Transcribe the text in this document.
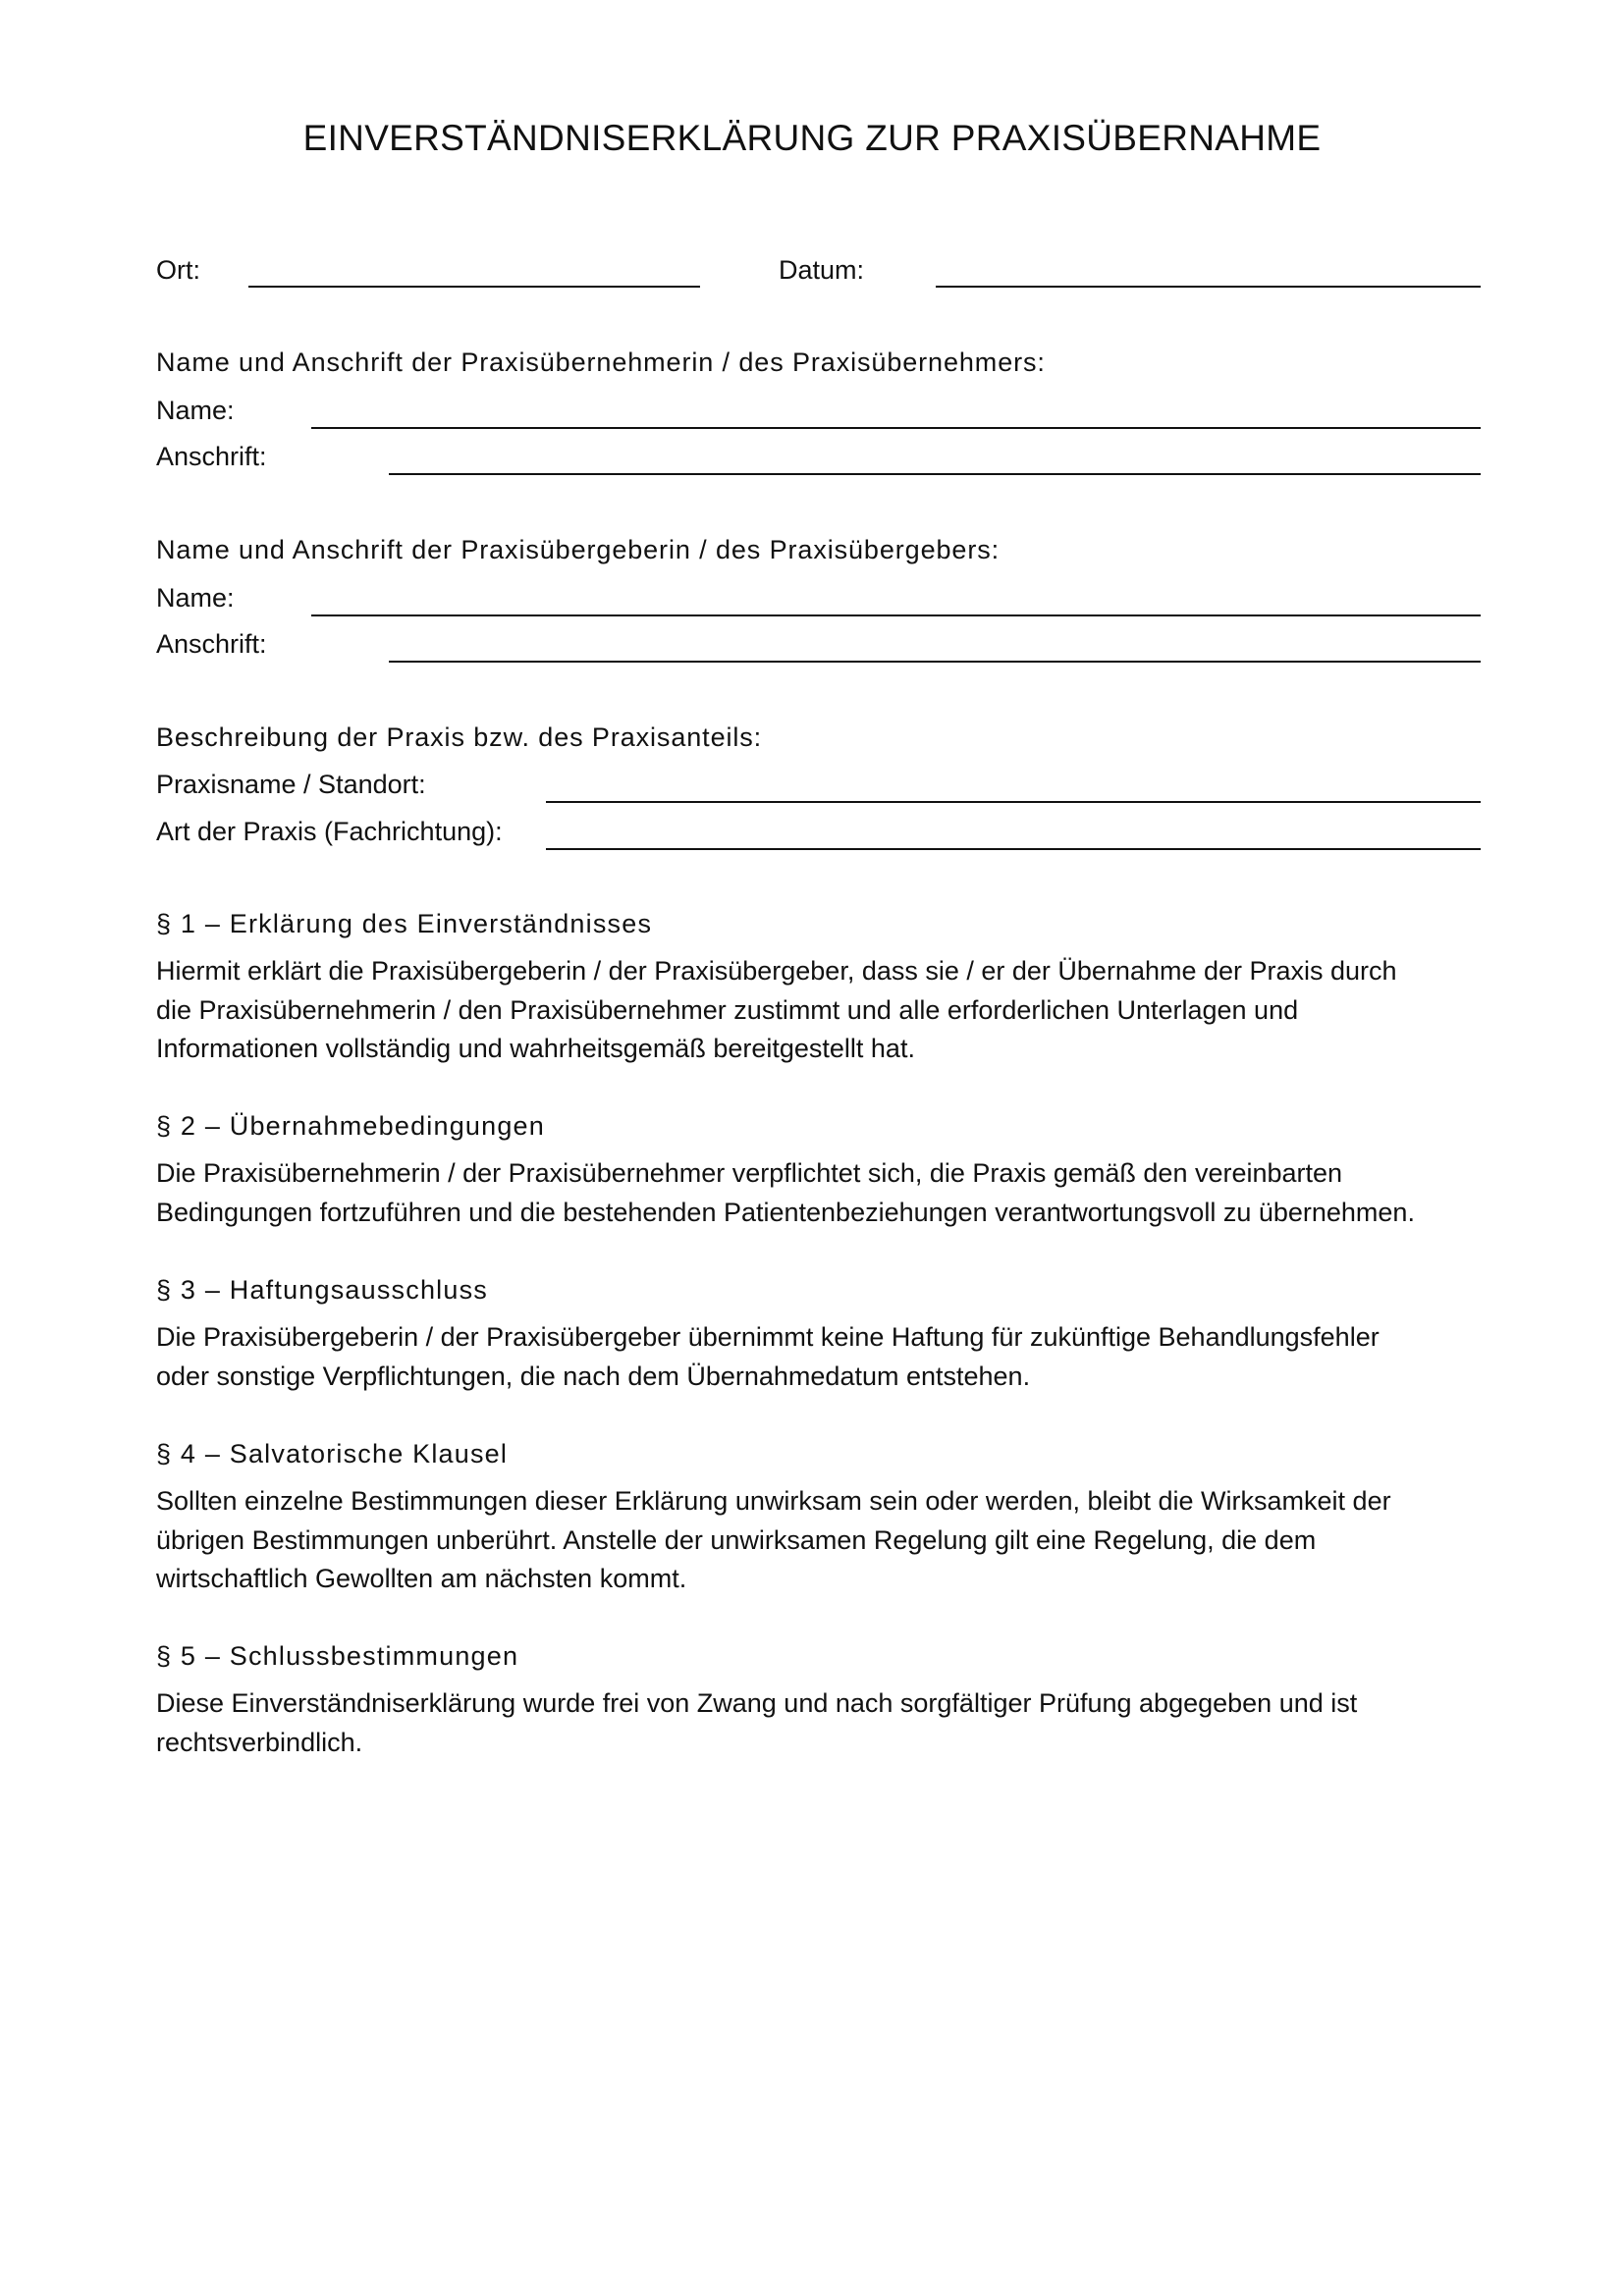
EINVERSTÄNDNISERKLÄRUNG ZUR PRAXISÜBERNAHME
Ort:	Datum:
Name und Anschrift der Praxisübernehmerin / des Praxisübernehmers:
Name:
Anschrift:
Name und Anschrift der Praxisübergeberin / des Praxisübergebers:
Name:
Anschrift:
Beschreibung der Praxis bzw. des Praxisanteils:
Praxisname / Standort:
Art der Praxis (Fachrichtung):
§ 1 – Erklärung des Einverständnisses
Hiermit erklärt die Praxisübergeberin / der Praxisübergeber, dass sie / er der Übernahme der Praxis durch
die Praxisübernehmerin / den Praxisübernehmer zustimmt und alle erforderlichen Unterlagen und
Informationen vollständig und wahrheitsgemäß bereitgestellt hat.
§ 2 – Übernahmebedingungen
Die Praxisübernehmerin / der Praxisübernehmer verpflichtet sich, die Praxis gemäß den vereinbarten
Bedingungen fortzuführen und die bestehenden Patientenbeziehungen verantwortungsvoll zu übernehmen.
§ 3 – Haftungsausschluss
Die Praxisübergeberin / der Praxisübergeber übernimmt keine Haftung für zukünftige Behandlungsfehler
oder sonstige Verpflichtungen, die nach dem Übernahmedatum entstehen.
§ 4 – Salvatorische Klausel
Sollten einzelne Bestimmungen dieser Erklärung unwirksam sein oder werden, bleibt die Wirksamkeit der
übrigen Bestimmungen unberührt. Anstelle der unwirksamen Regelung gilt eine Regelung, die dem
wirtschaftlich Gewollten am nächsten kommt.
§ 5 – Schlussbestimmungen
Diese Einverständniserklärung wurde frei von Zwang und nach sorgfältiger Prüfung abgegeben und ist
rechtsverbindlich.
